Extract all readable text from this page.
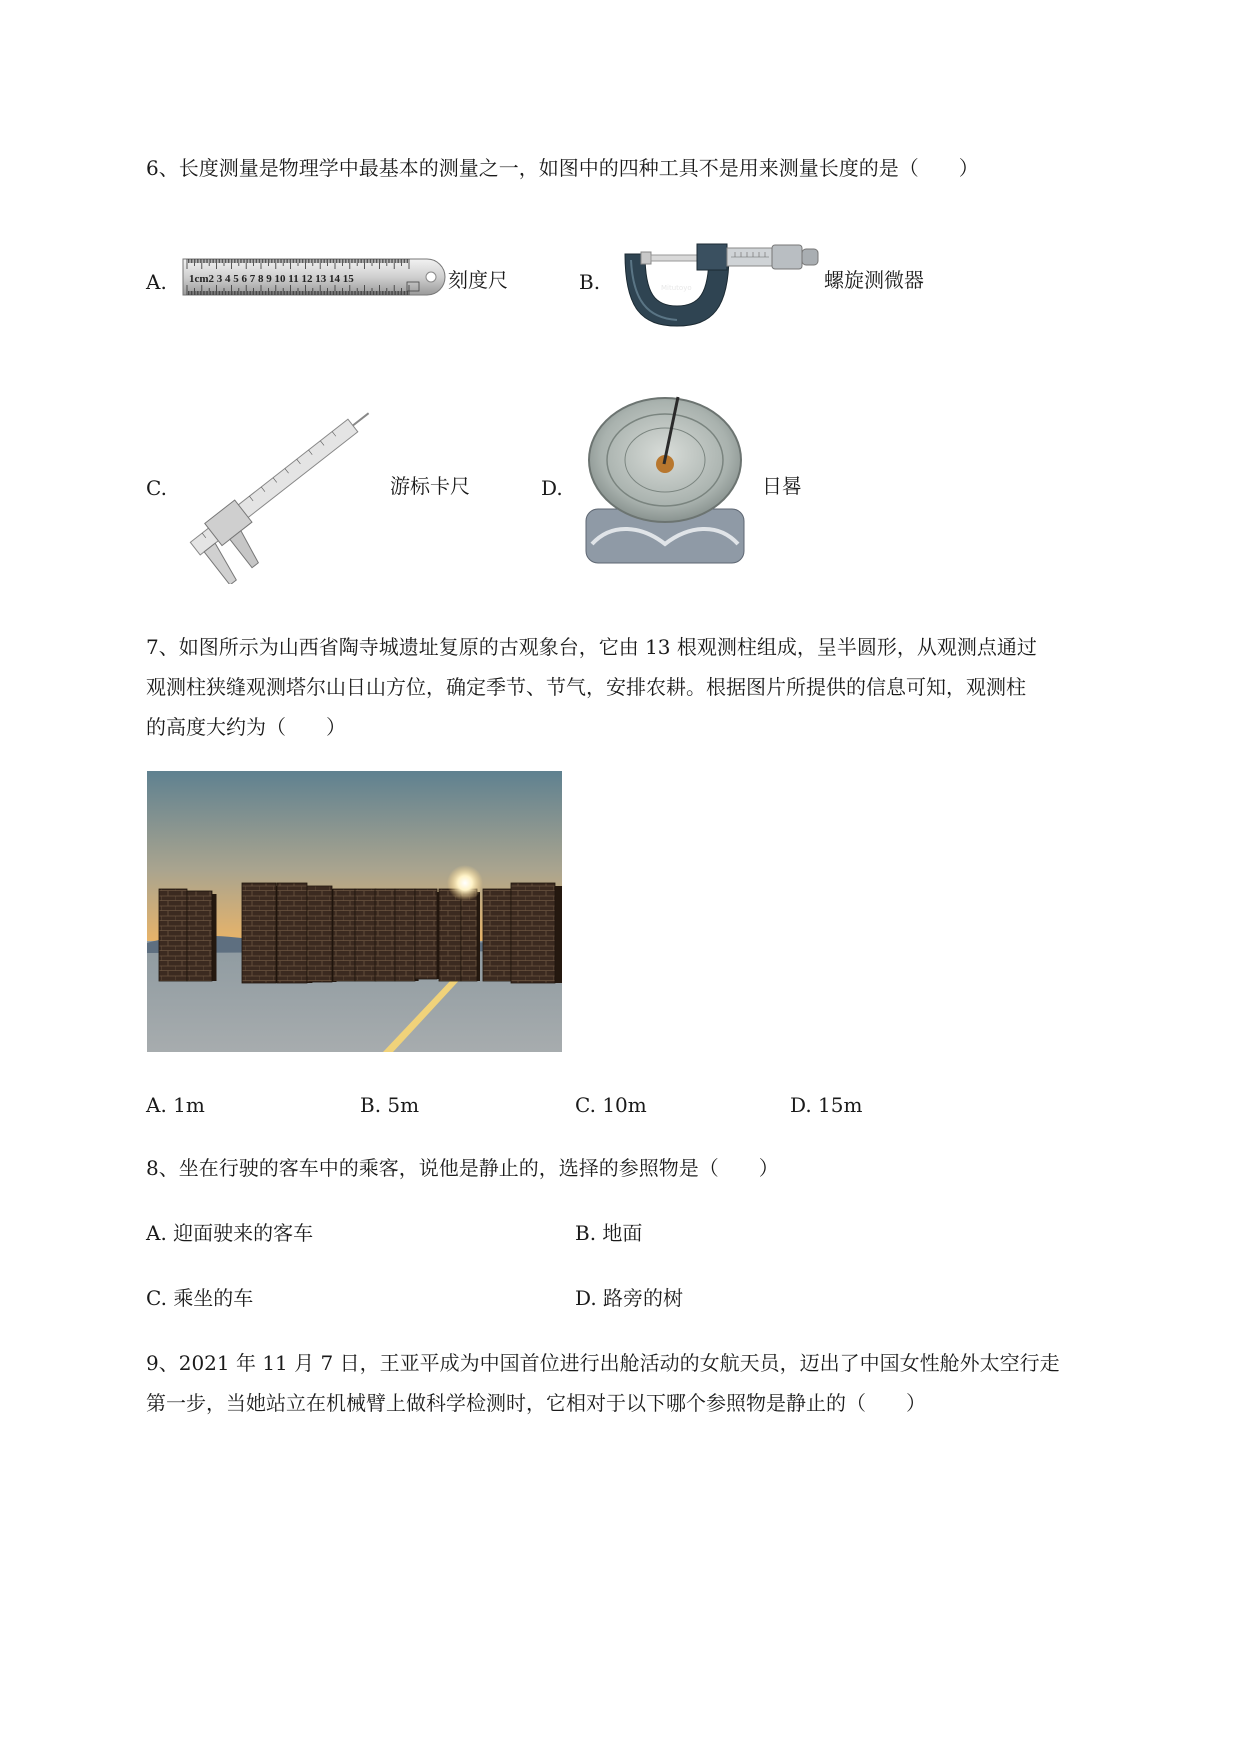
6、长度测量是物理学中最基本的测量之一，如图中的四种工具不是用来测量长度的是（　　）
A. 1cm2 3 4 5 6 7 8 9 10 11 12 13 14 15	刻度尺	B.	Mitutoyo	螺旋测微器
C.	游标卡尺	D.	日晷
7、如图所示为山西省陶寺城遗址复原的古观象台，它由 13 根观测柱组成，呈半圆形，从观测点通过
观测柱狭缝观测塔尔山日山方位，确定季节、节气，安排农耕。根据图片所提供的信息可知，观测柱
的高度大约为（　　）
A. 1m	B. 5m	C. 10m	D. 15m
8、坐在行驶的客车中的乘客，说他是静止的，选择的参照物是（　　）
A. 迎面驶来的客车	B. 地面
C. 乘坐的车	D. 路旁的树
9、2021 年 11 月 7 日，王亚平成为中国首位进行出舱活动的女航天员，迈出了中国女性舱外太空行走
第一步，当她站立在机械臂上做科学检测时，它相对于以下哪个参照物是静止的（　　）
